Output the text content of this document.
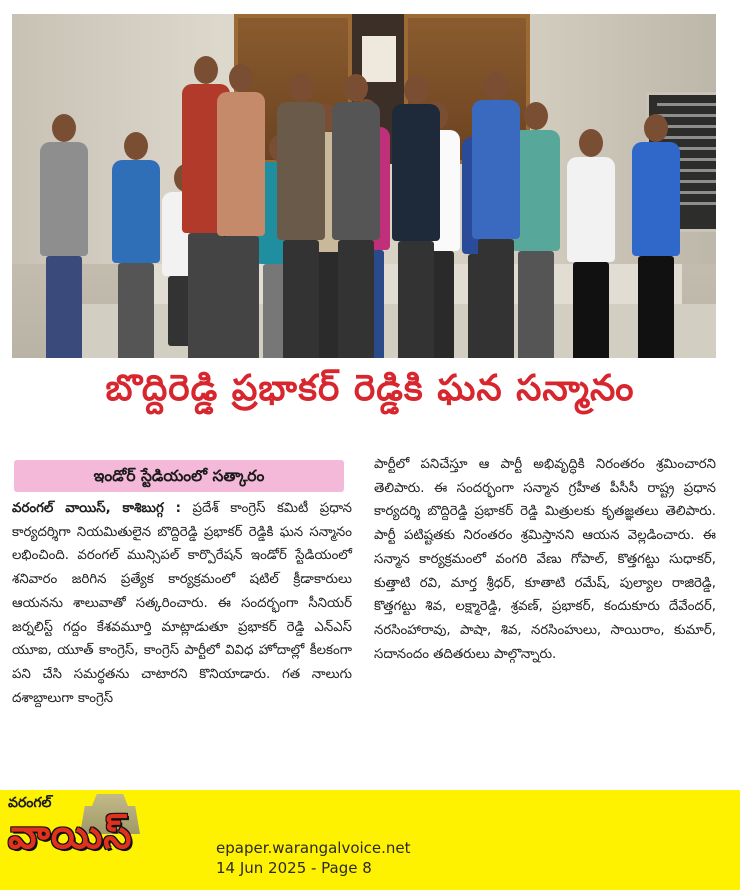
బొద్దిరెడ్డి ప్రభాకర్ రెడ్డికి ఘన సన్మానం
ఇండోర్ స్టేడియంలో సత్కారం

వరంగల్ వాయిస్, కాశిబుగ్గ : ప్రదేశ్ కాంగ్రెస్ కమిటీ ప్రధాన కార్యదర్శిగా నియమితులైన బొద్దిరెడ్డి ప్రభాకర్ రెడ్డికి ఘన సన్మానం లభించింది. వరంగల్ మున్సిపల్ కార్పొరేషన్ ఇండోర్ స్టేడియంలో శనివారం జరిగిన ప్రత్యేక కార్యక్రమంలో షటిల్ క్రీడాకారులు ఆయనను శాలువాతో సత్కరించారు. ఈ సందర్భంగా సీనియర్ జర్నలిస్ట్ గద్దం కేశవమూర్తి మాట్లాడుతూ ప్రభాకర్ రెడ్డి ఎన్ఎస్ యూఐ, యూత్ కాంగ్రెస్, కాంగ్రెస్ పార్టీలో వివిధ హోదాల్లో కీలకంగా పని చేసి సమర్థతను చాటారని కొనియాడారు. గత నాలుగు దశాబ్దాలుగా కాంగ్రెస్

పార్టీలో పనిచేస్తూ ఆ పార్టీ అభివృద్ధికి నిరంతరం శ్రమించారని తెలిపారు. ఈ సందర్భంగా సన్మాన గ్రహీత పీసీసీ రాష్ట్ర ప్రధాన కార్యదర్శి బొద్దిరెడ్డి ప్రభాకర్ రెడ్డి మిత్రులకు కృతజ్ఞతలు తెలిపారు. పార్టీ పటిష్టతకు నిరంతరం శ్రమిస్తానని ఆయన వెల్లడించారు. ఈ సన్మాన కార్యక్రమంలో వంగరి వేణు గోపాల్, కొత్తగట్టు సుధాకర్, కుత్తాటి రవి, మార్త శ్రీధర్, కూతాటి రమేష్, పుల్యాల రాజిరెడ్డి, కొత్తగట్టు శివ, లక్ష్మారెడ్డి, శ్రవణ్, ప్రభాకర్, కందుకూరు దేవేందర్, నరసింహారావు, పాషా, శివ, నరసింహులు, సాయిరాం, కుమార్, సదానందం తదితరులు పాల్గొన్నారు.

వరంగల్
వాయిస్	epaper.warangalvoice.net
14 Jun 2025 - Page 8
